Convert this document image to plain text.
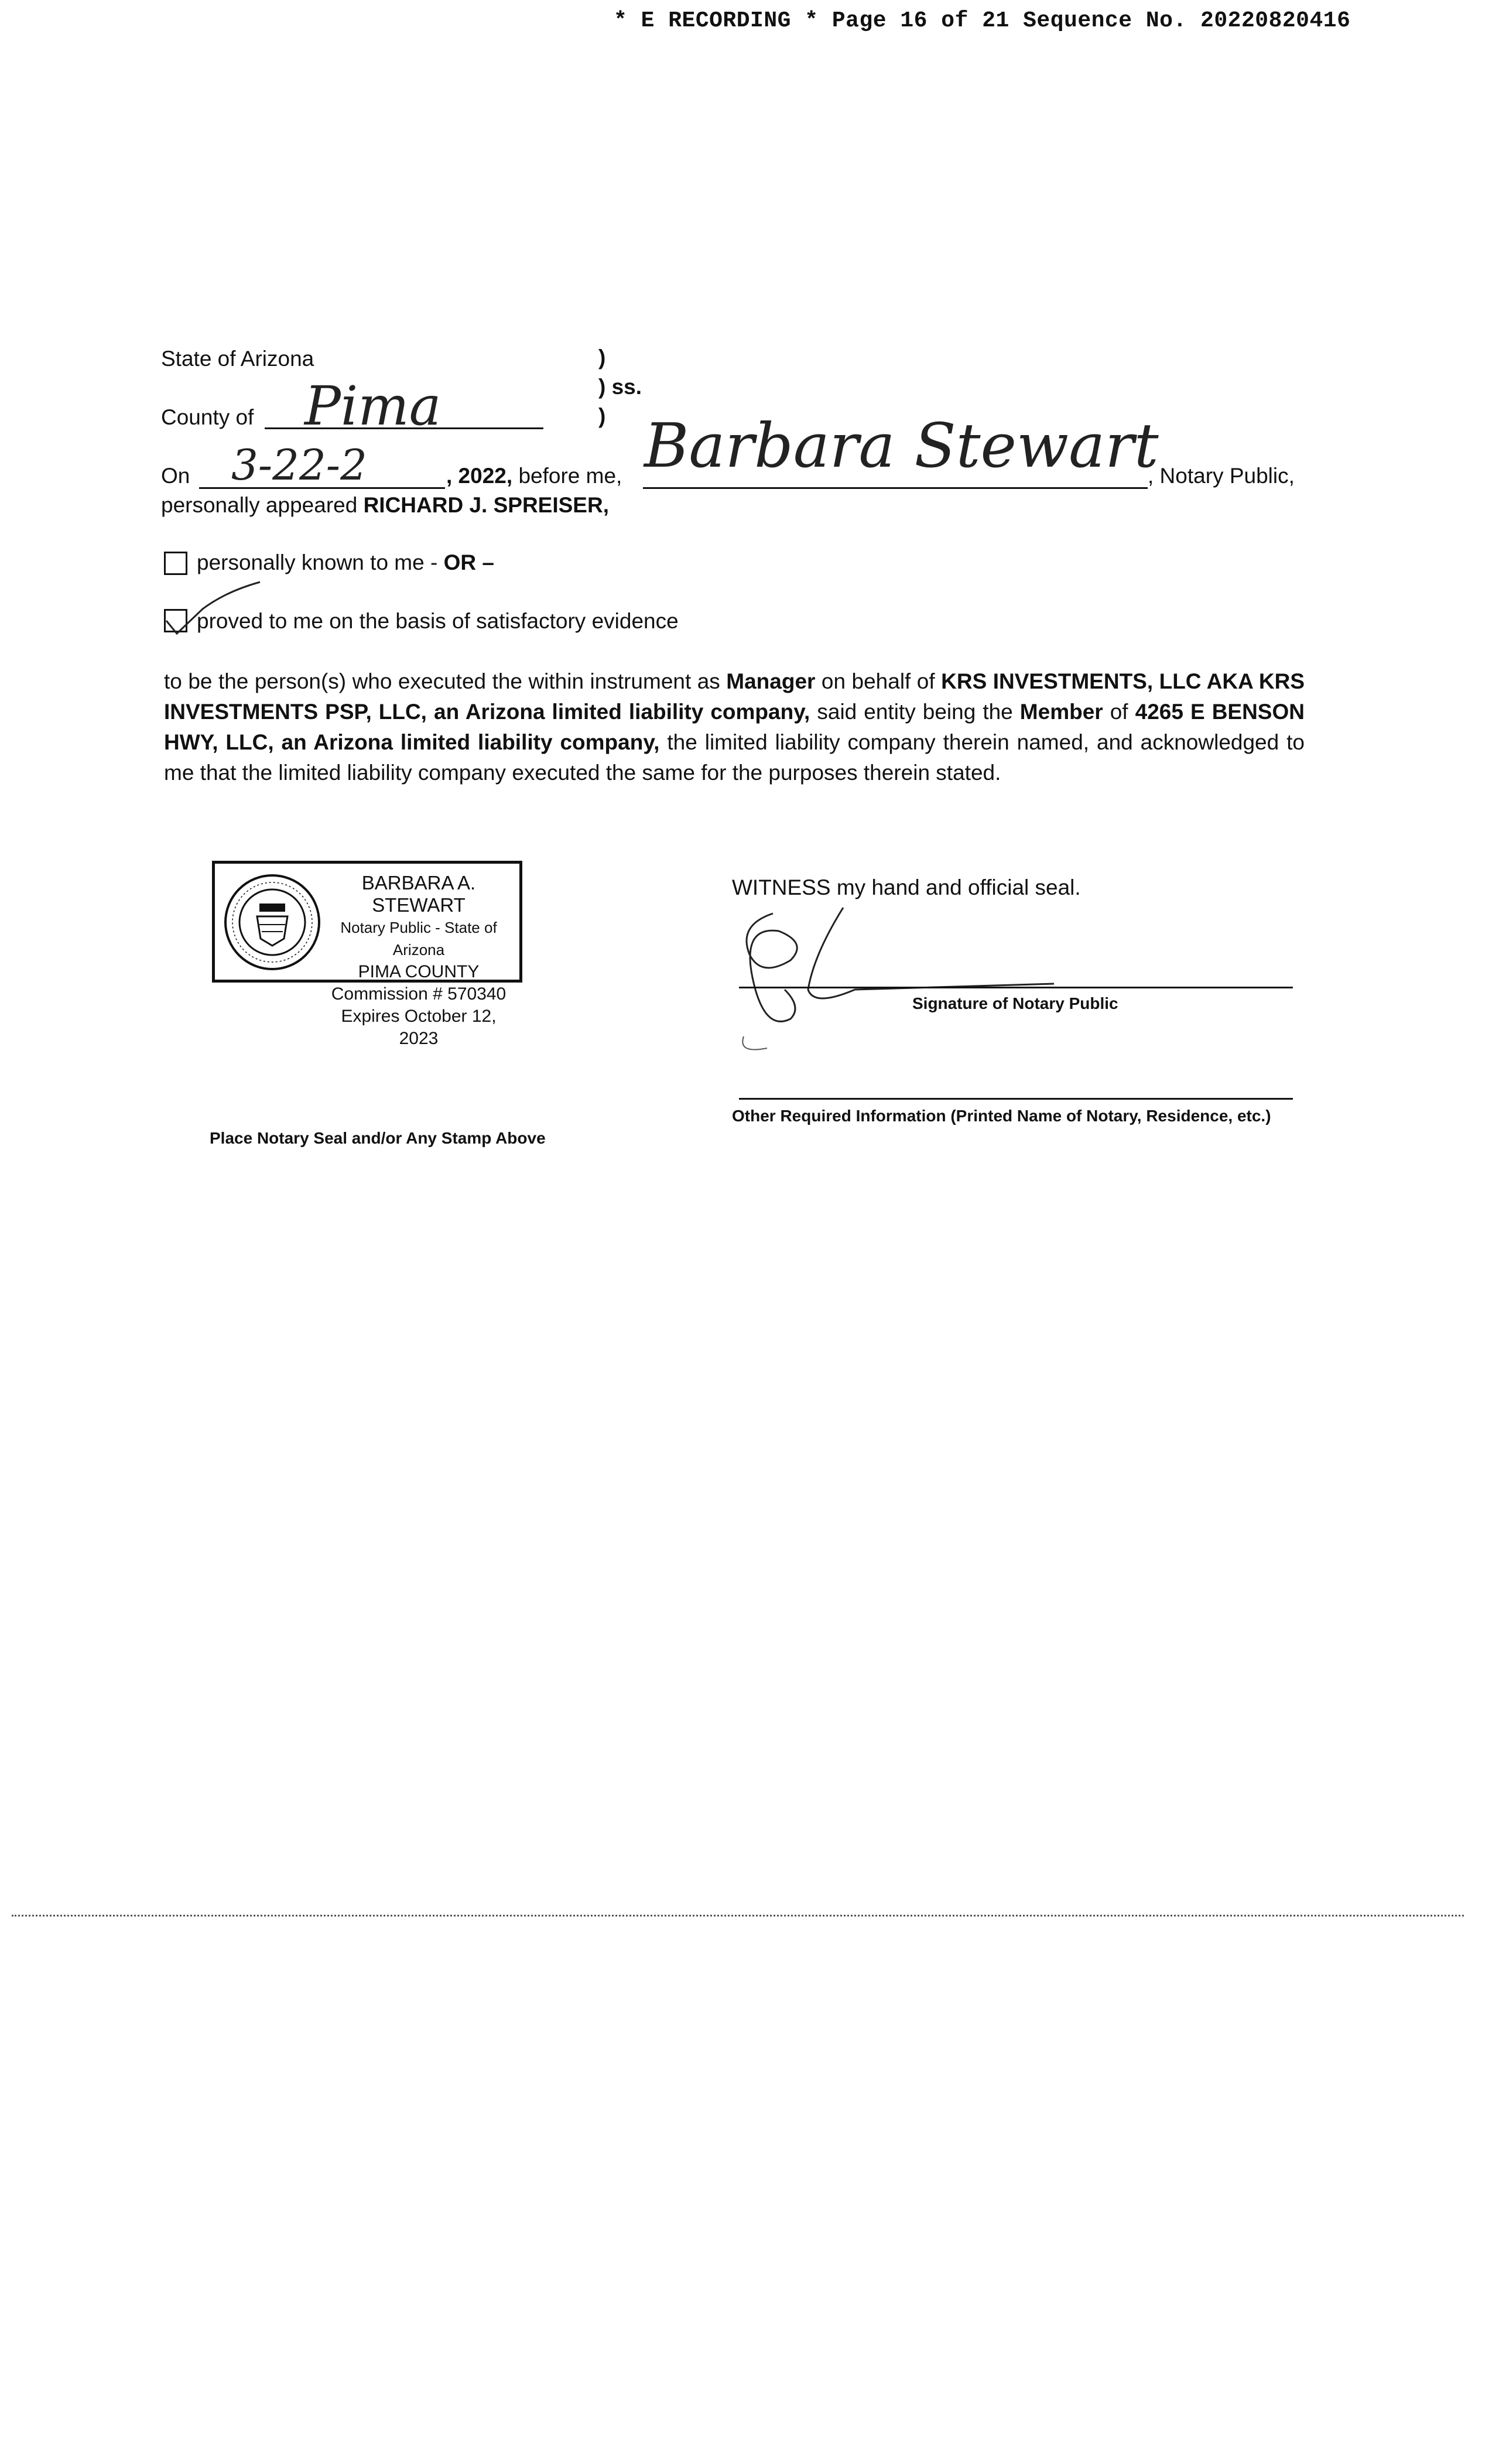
* E RECORDING * Page 16 of 21 Sequence No. 20220820416
State of Arizona	)
) ss.
)
County of Pima
On 3-22-2	, 2022, before me, Barbara Stewart
, Notary Public,
personally appeared RICHARD J. SPREISER,
personally known to me - OR –
proved to me on the basis of satisfactory evidence
to be the person(s) who executed the within instrument as Manager on behalf of KRS INVESTMENTS, LLC AKA KRS INVESTMENTS PSP, LLC, an Arizona limited liability company, said entity being the Member of 4265 E BENSON HWY, LLC, an Arizona limited liability company, the limited liability company therein named, and acknowledged to me that the limited liability company executed the same for the purposes therein stated.
BARBARA A. STEWART
Notary Public - State of Arizona
PIMA COUNTY
Commission # 570340
Expires October 12, 2023
Place Notary Seal and/or Any Stamp Above
WITNESS my hand and official seal.
Signature of Notary Public
Other Required Information (Printed Name of Notary, Residence, etc.)
